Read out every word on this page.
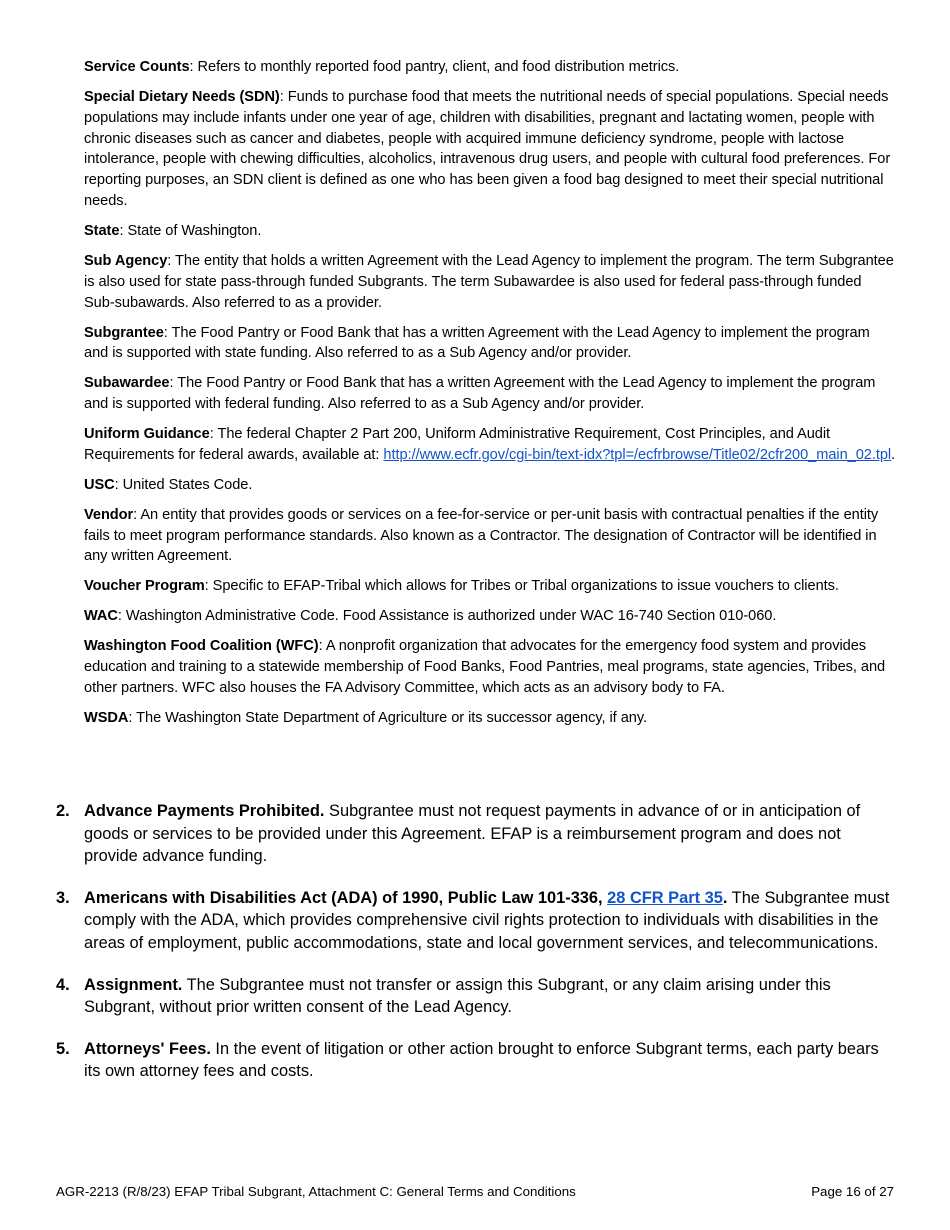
Service Counts: Refers to monthly reported food pantry, client, and food distribution metrics.

Special Dietary Needs (SDN): Funds to purchase food that meets the nutritional needs of special populations. Special needs populations may include infants under one year of age, children with disabilities, pregnant and lactating women, people with chronic diseases such as cancer and diabetes, people with acquired immune deficiency syndrome, people with lactose intolerance, people with chewing difficulties, alcoholics, intravenous drug users, and people with cultural food preferences. For reporting purposes, an SDN client is defined as one who has been given a food bag designed to meet their special nutritional needs.

State: State of Washington.

Sub Agency: The entity that holds a written Agreement with the Lead Agency to implement the program. The term Subgrantee is also used for state pass-through funded Subgrants. The term Subawardee is also used for federal pass-through funded Sub-subawards. Also referred to as a provider.

Subgrantee: The Food Pantry or Food Bank that has a written Agreement with the Lead Agency to implement the program and is supported with state funding. Also referred to as a Sub Agency and/or provider.

Subawardee: The Food Pantry or Food Bank that has a written Agreement with the Lead Agency to implement the program and is supported with federal funding. Also referred to as a Sub Agency and/or provider.

Uniform Guidance: The federal Chapter 2 Part 200, Uniform Administrative Requirement, Cost Principles, and Audit Requirements for federal awards, available at: http://www.ecfr.gov/cgi-bin/text-idx?tpl=/ecfrbrowse/Title02/2cfr200_main_02.tpl.

USC: United States Code.

Vendor: An entity that provides goods or services on a fee-for-service or per-unit basis with contractual penalties if the entity fails to meet program performance standards. Also known as a Contractor. The designation of Contractor will be identified in any written Agreement.

Voucher Program: Specific to EFAP-Tribal which allows for Tribes or Tribal organizations to issue vouchers to clients.

WAC: Washington Administrative Code. Food Assistance is authorized under WAC 16-740 Section 010-060.

Washington Food Coalition (WFC): A nonprofit organization that advocates for the emergency food system and provides education and training to a statewide membership of Food Banks, Food Pantries, meal programs, state agencies, Tribes, and other partners. WFC also houses the FA Advisory Committee, which acts as an advisory body to FA.

WSDA: The Washington State Department of Agriculture or its successor agency, if any.

2. Advance Payments Prohibited. Subgrantee must not request payments in advance of or in anticipation of goods or services to be provided under this Agreement. EFAP is a reimbursement program and does not provide advance funding.
3. Americans with Disabilities Act (ADA) of 1990, Public Law 101-336, 28 CFR Part 35. The Subgrantee must comply with the ADA, which provides comprehensive civil rights protection to individuals with disabilities in the areas of employment, public accommodations, state and local government services, and telecommunications.
4. Assignment. The Subgrantee must not transfer or assign this Subgrant, or any claim arising under this Subgrant, without prior written consent of the Lead Agency.
5. Attorneys' Fees. In the event of litigation or other action brought to enforce Subgrant terms, each party bears its own attorney fees and costs.
AGR-2213 (R/8/23) EFAP Tribal Subgrant, Attachment C: General Terms and Conditions	Page 16 of 27
